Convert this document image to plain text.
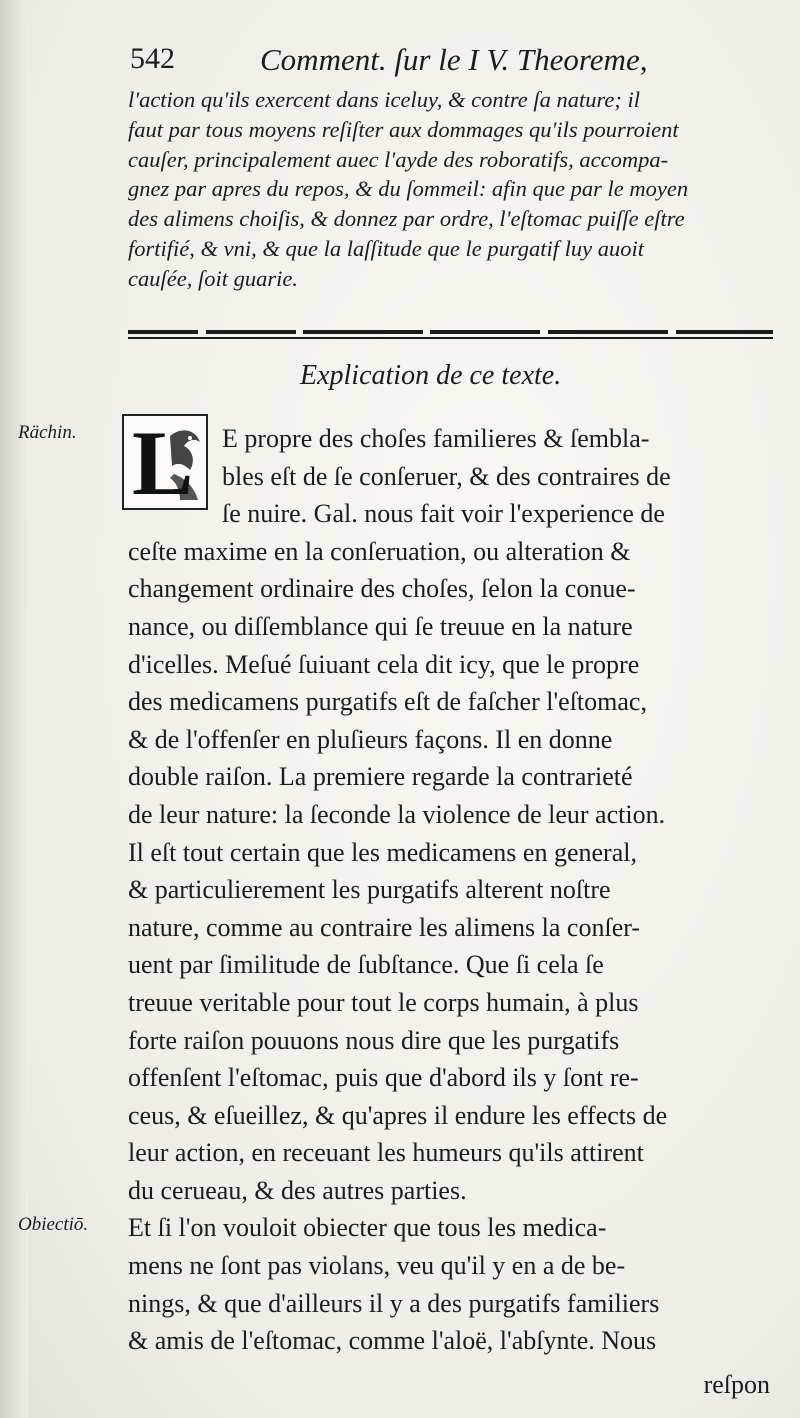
542	Comment. ſur le I V. Theoreme,
l'action qu'ils exercent dans iceluy, & contre ſa nature; il
faut par tous moyens reſiſter aux dommages qu'ils pourroient
cauſer, principalement auec l'ayde des roboratifs, accompa-
gnez par apres du repos, & du ſommeil: afin que par le moyen
des alimens choiſis, & donnez par ordre, l'eſtomac puiſſe eſtre
fortifié, & vni, & que la laſſitude que le purgatif luy auoit
cauſée, ſoit guarie.
Explication de ce texte.
Rächin.
Obiectiō.
L	E propre des choſes familieres & ſembla-
bles eſt de ſe conſeruer, & des contraires de
ſe nuire. Gal. nous fait voir l'experience de
ceſte maxime en la conſeruation, ou alteration &
changement ordinaire des choſes, ſelon la conue-
nance, ou diſſemblance qui ſe treuue en la nature
d'icelles. Meſué ſuiuant cela dit icy, que le propre
des medicamens purgatifs eſt de faſcher l'eſtomac,
& de l'offenſer en pluſieurs façons. Il en donne
double raiſon. La premiere regarde la contrarieté
de leur nature: la ſeconde la violence de leur action.
Il eſt tout certain que les medicamens en general,
& particulierement les purgatifs alterent noſtre
nature, comme au contraire les alimens la conſer-
uent par ſimilitude de ſubſtance. Que ſi cela ſe
treuue veritable pour tout le corps humain, à plus
forte raiſon pouuons nous dire que les purgatifs
offenſent l'eſtomac, puis que d'abord ils y ſont re-
ceus, & eſueillez, & qu'apres il endure les effects de
leur action, en receuant les humeurs qu'ils attirent
du cerueau, & des autres parties.
Et ſi l'on vouloit obiecter que tous les medica-
mens ne ſont pas violans, veu qu'il y en a de be-
nings, & que d'ailleurs il y a des purgatifs familiers
& amis de l'eſtomac, comme l'aloë, l'abſynte. Nous
reſpon
